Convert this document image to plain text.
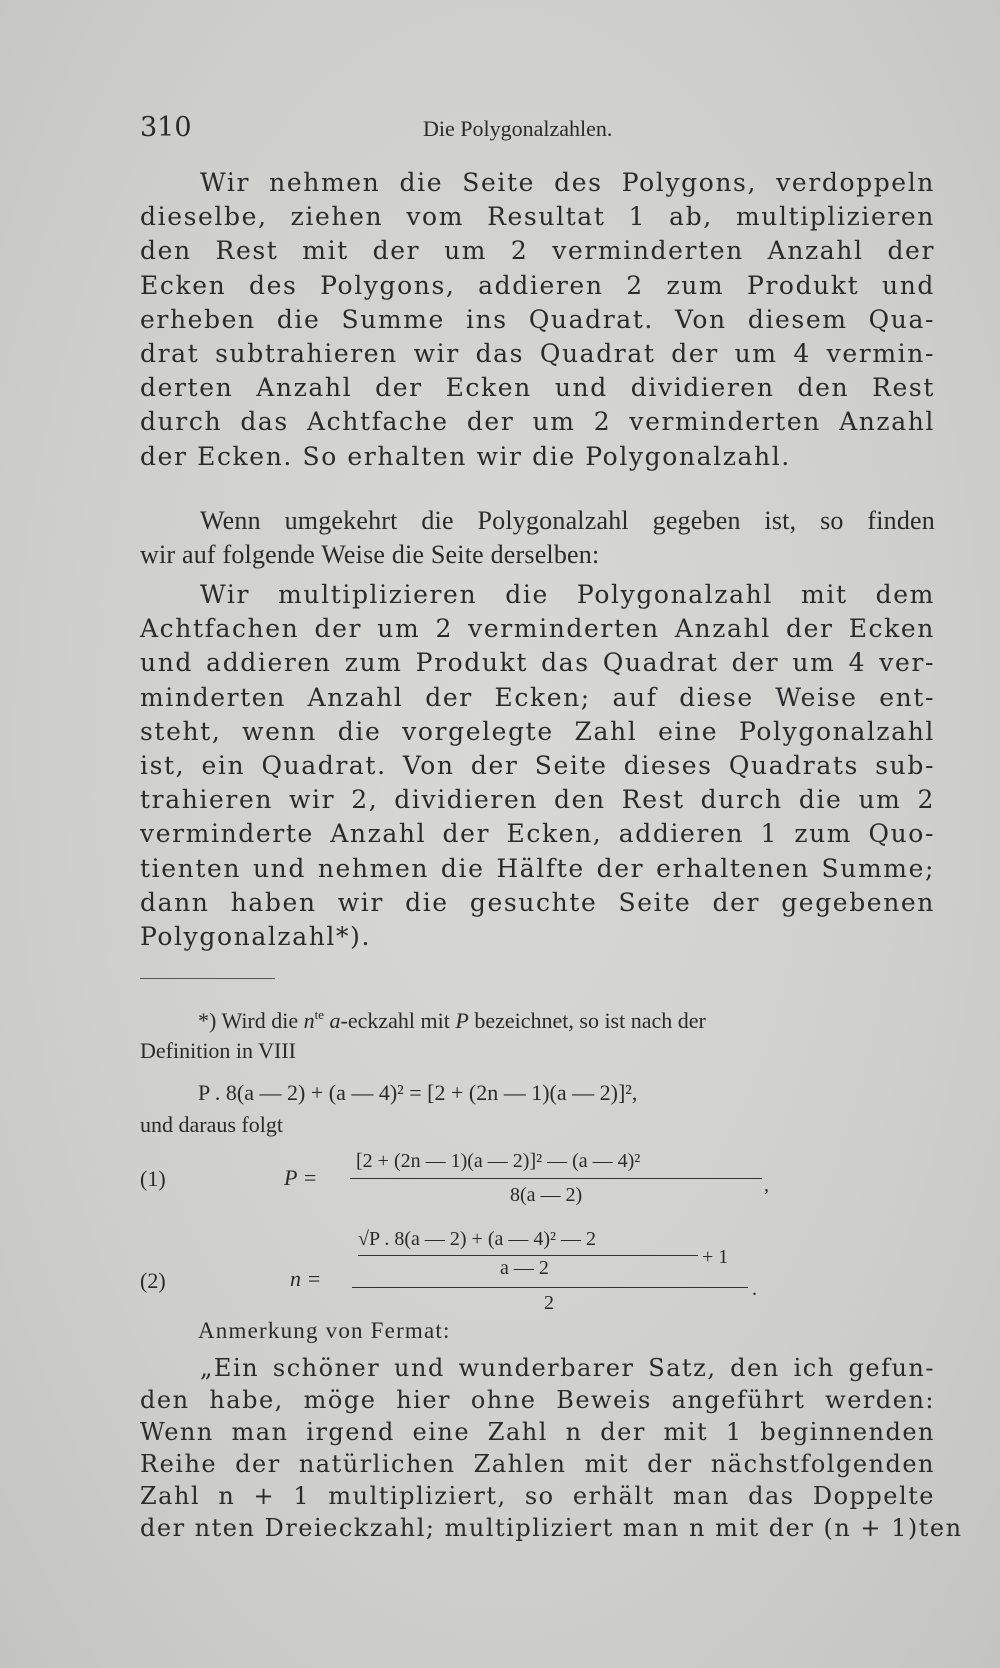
310	Die Polygonalzahlen.
Wir nehmen die Seite des Polygons, verdoppeln
dieselbe, ziehen vom Resultat 1 ab, multiplizieren
den Rest mit der um 2 verminderten Anzahl der
Ecken des Polygons, addieren 2 zum Produkt und
erheben die Summe ins Quadrat. Von diesem Qua-
drat subtrahieren wir das Quadrat der um 4 vermin-
derten Anzahl der Ecken und dividieren den Rest
durch das Achtfache der um 2 verminderten Anzahl
der Ecken. So erhalten wir die Polygonalzahl.
Wenn umgekehrt die Polygonalzahl gegeben ist, so finden
wir auf folgende Weise die Seite derselben:
Wir multiplizieren die Polygonalzahl mit dem
Achtfachen der um 2 verminderten Anzahl der Ecken
und addieren zum Produkt das Quadrat der um 4 ver-
minderten Anzahl der Ecken; auf diese Weise ent-
steht, wenn die vorgelegte Zahl eine Polygonalzahl
ist, ein Quadrat. Von der Seite dieses Quadrats sub-
trahieren wir 2, dividieren den Rest durch die um 2
verminderte Anzahl der Ecken, addieren 1 zum Quo-
tienten und nehmen die Hälfte der erhaltenen Summe;
dann haben wir die gesuchte Seite der gegebenen
Polygonalzahl*).
*) Wird die $n^{te}$ a-eckzahl mit P bezeichnet, so ist nach der
Definition in VIII
P . 8(a — 2) + (a — 4)² = [2 + (2n — 1)(a — 2)]²,
und daraus folgt
(1)	P =
[2 + (2n — 1)(a — 2)]² — (a — 4)²
8(a — 2)	,
(2)	n =
√P . 8(a — 2) + (a — 4)² — 2
a — 2	+ 1
2
.
Anmerkung von Fermat:
„Ein schöner und wunderbarer Satz, den ich gefun-
den habe, möge hier ohne Beweis angeführt werden:
Wenn man irgend eine Zahl n der mit 1 beginnenden
Reihe der natürlichen Zahlen mit der nächstfolgenden
Zahl n + 1 multipliziert, so erhält man das Doppelte
der nten Dreieckzahl; multipliziert man n mit der (n + 1)ten
